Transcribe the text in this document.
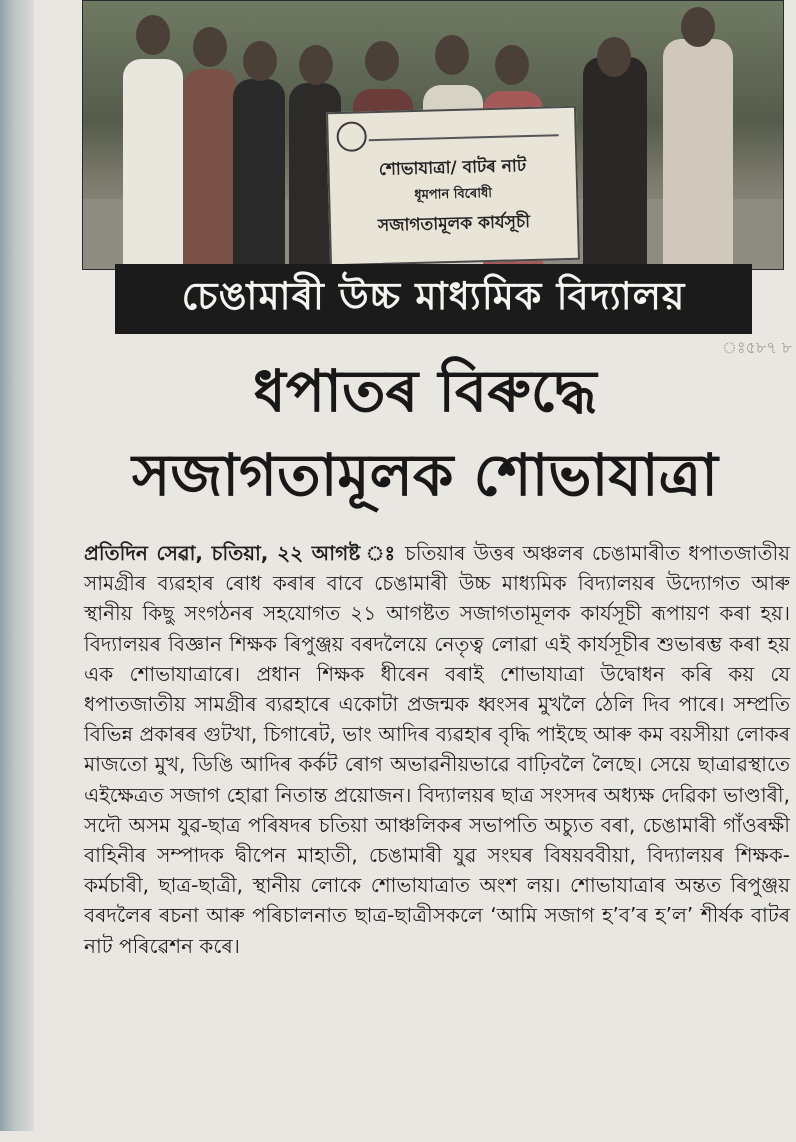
শোভাযাত্ৰা/ বাটৰ নাট
ধূমপান বিৰোধী
সজাগতামূলক কাৰ্যসূচী
চেঙামাৰী উচ্চ মাধ্যমিক বিদ্যালয়
ঃ৫৮৭ ৮
ধপাতৰ বিৰুদ্ধে
সজাগতামূলক শোভাযাত্ৰা
প্ৰতিদিন সেৱা, চতিয়া, ২২ আগষ্ট ঃ চতিয়াৰ উত্তৰ অঞ্চলৰ চেঙামাৰীত ধপাতজাতীয় সামগ্ৰীৰ ব্যৱহাৰ ৰোধ কৰাৰ বাবে চেঙামাৰী উচ্চ মাধ্যমিক বিদ্যালয়ৰ উদ্যোগত আৰু স্থানীয় কিছু সংগঠনৰ সহযোগত ২১ আগষ্টত সজাগতামূলক কাৰ্যসূচী ৰূপায়ণ কৰা হয়। বিদ্যালয়ৰ বিজ্ঞান শিক্ষক ৰিপুঞ্জয় বৰদলৈয়ে নেতৃত্ব লোৱা এই কাৰ্যসূচীৰ শুভাৰম্ভ কৰা হয় এক শোভাযাত্ৰাৰে। প্ৰধান শিক্ষক ধীৰেন বৰাই শোভাযাত্ৰা উদ্বোধন কৰি কয় যে ধপাতজাতীয় সামগ্ৰীৰ ব্যৱহাৰে একোটা প্ৰজন্মক ধ্বংসৰ মুখলৈ ঠেলি দিব পাৰে। সম্প্ৰতি বিভিন্ন প্ৰকাৰৰ গুটখা, চিগাৰেট, ভাং আদিৰ ব্যৱহাৰ বৃদ্ধি পাইছে আৰু কম বয়সীয়া লোকৰ মাজতো মুখ, ডিঙি আদিৰ কৰ্কট ৰোগ অভাৱনীয়ভাৱে বাঢ়িবলৈ লৈছে। সেয়ে ছাত্ৰাৱস্থাতে এইক্ষেত্ৰত সজাগ হোৱা নিতান্ত প্ৰয়োজন। বিদ্যালয়ৰ ছাত্ৰ সংসদৰ অধ্যক্ষ দেৱিকা ভাণ্ডাৰী, সদৌ অসম যুৱ-ছাত্ৰ পৰিষদৰ চতিয়া আঞ্চলিকৰ সভাপতি অচ্যুত বৰা, চেঙামাৰী গাঁওৰক্ষী বাহিনীৰ সম্পাদক দ্বীপেন মাহাতী, চেঙামাৰী যুৱ সংঘৰ বিষয়ববীয়া, বিদ্যালয়ৰ শিক্ষক-কৰ্মচাৰী, ছাত্ৰ-ছাত্ৰী, স্থানীয় লোকে শোভাযাত্ৰাত অংশ লয়। শোভাযাত্ৰাৰ অন্তত ৰিপুঞ্জয় বৰদলৈৰ ৰচনা আৰু পৰিচালনাত ছাত্ৰ-ছাত্ৰীসকলে ‘আমি সজাগ হ’ব’ৰ হ’ল’ শীৰ্ষক বাটৰ নাট পৰিৱেশন কৰে।
